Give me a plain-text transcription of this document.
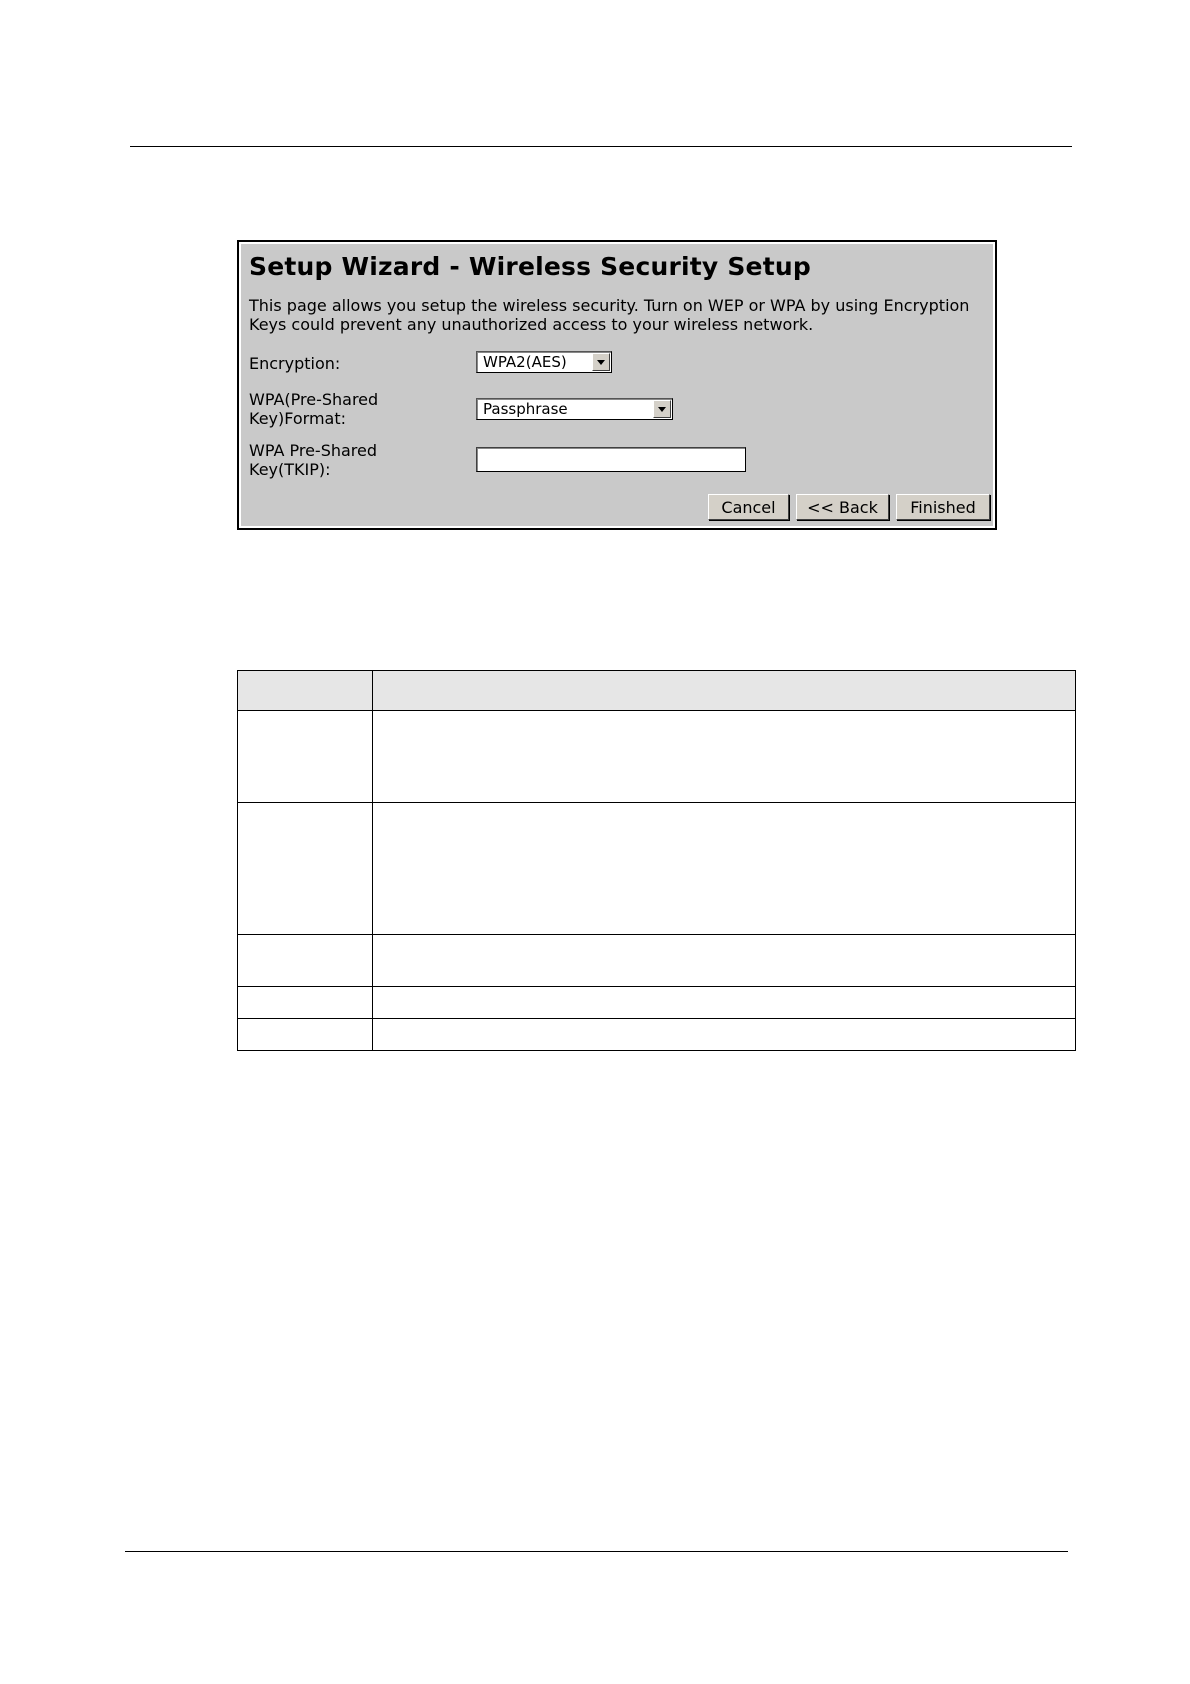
Setup Wizard - Wireless Security Setup
This page allows you setup the wireless security. Turn on WEP or WPA by using Encryption Keys could prevent any unauthorized access to your wireless network.
Encryption:	WPA2(AES)
WPA(Pre-Shared Key)Format:	Passphrase
WPA Pre-Shared Key(TKIP):
Cancel	<< Back	Finished
